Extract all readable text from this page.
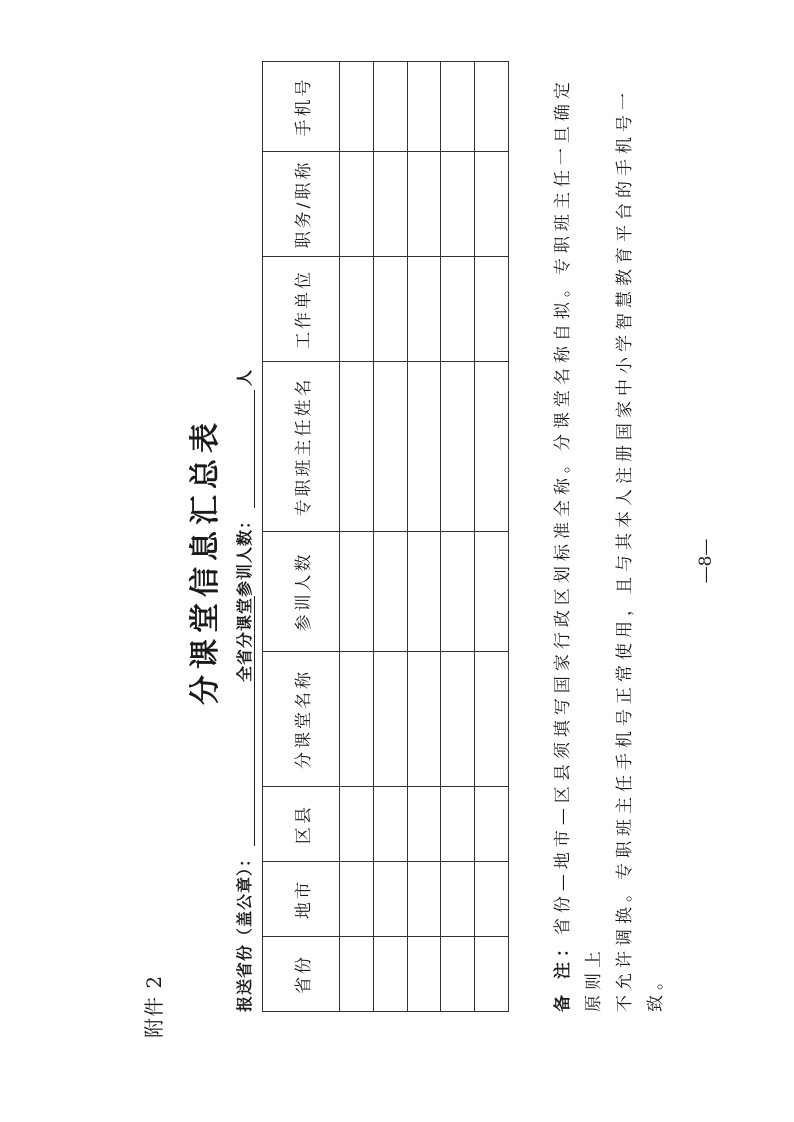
附件 2
分课堂信息汇总表
报送省份（盖公章）：
全省分课堂参训人数：人
省份	地市	区县	分课堂名称	参训人数	专职班主任姓名	工作单位	职务/职称	手机号

备 注：省份—地市—区县须填写国家行政区划标准全称。分课堂名称自拟。专职班主任一旦确定原则上 不允许调换。专职班主任手机号正常使用，且与其本人注册国家中小学智慧教育平台的手机号一致。
—8—
